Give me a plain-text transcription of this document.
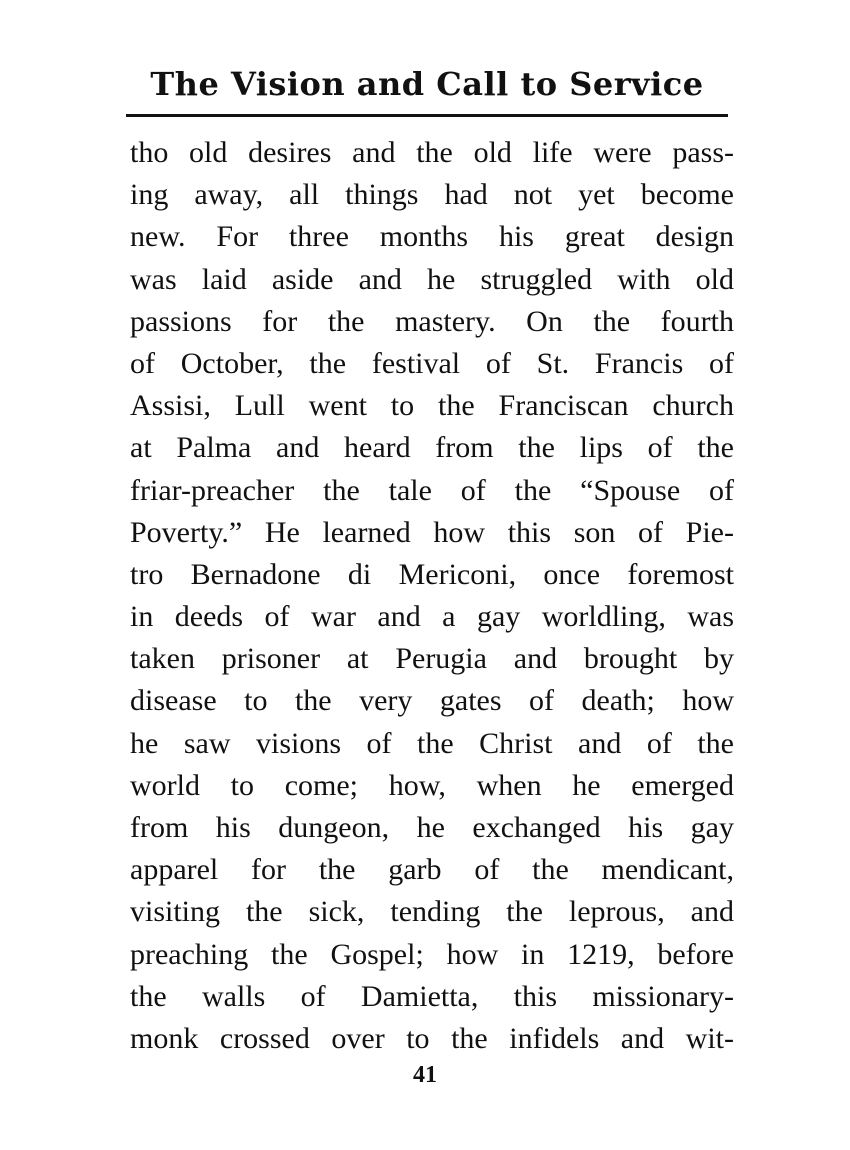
The Vision and Call to Service
tho old desires and the old life were pass-
ing away, all things had not yet become
new. For three months his great design
was laid aside and he struggled with old
passions for the mastery. On the fourth
of October, the festival of St. Francis of
Assisi, Lull went to the Franciscan church
at Palma and heard from the lips of the
friar-preacher the tale of the “Spouse of
Poverty.” He learned how this son of Pie-
tro Bernadone di Mericoni, once foremost
in deeds of war and a gay worldling, was
taken prisoner at Perugia and brought by
disease to the very gates of death; how
he saw visions of the Christ and of the
world to come; how, when he emerged
from his dungeon, he exchanged his gay
apparel for the garb of the mendicant,
visiting the sick, tending the leprous, and
preaching the Gospel; how in 1219, before
the walls of Damietta, this missionary-
monk crossed over to the infidels and wit-
41
